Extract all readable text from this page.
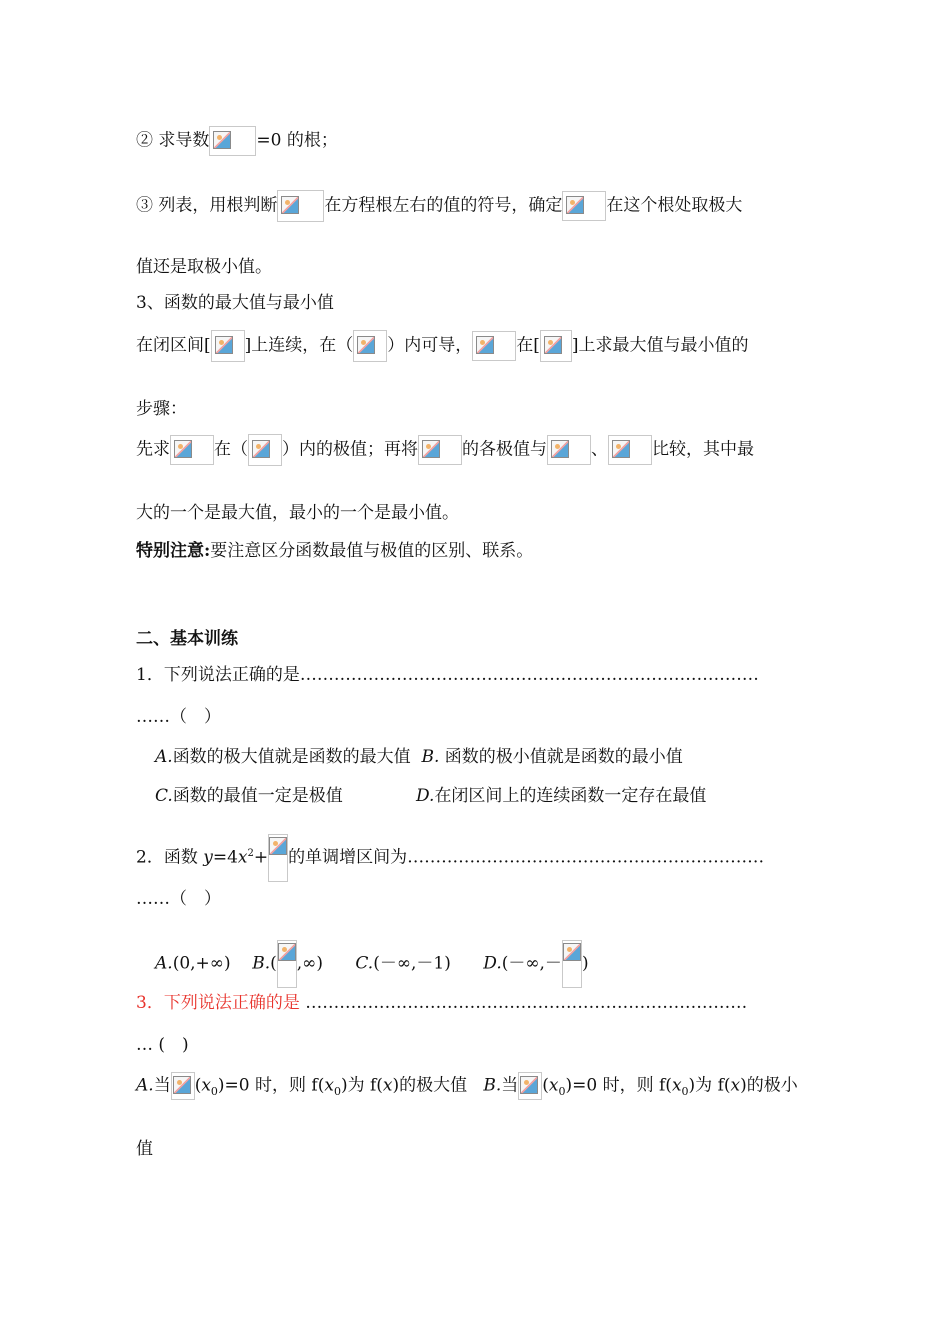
② 求导数	=0 的根；
③ 列表，用根判断	在方程根左右的值的符号，确定	在这个根处取极大
值还是取极小值。
3、函数的最大值与最小值
在闭区间[ ]上连续，在（ ）内可导，	在[ ]上求最大值与最小值的
步骤：
先求	在（ ）内的极值；再将	的各极值与	、	比较，其中最
大的一个是最大值，最小的一个是最小值。
特别注意:要注意区分函数最值与极值的区别、联系。
二、基本训练
1．下列说法正确的是………………………………………………………………………
……（　）
A.函数的极大值就是函数的最大值 B. 函数的极小值就是函数的最小值
C.函数的最值一定是极值	D.在闭区间上的连续函数一定存在最值
2．函数 $y=4x^2+$ 的单调增区间为………………………………………………………
……（　）
A.(0,+∞) B.( ,∞) C.(－∞,－1) D.(－∞,－ )
3．下列说法正确的是 ……………………………………………………………………
… (　)
A.当 $(x_0)=0$ 时，则 $f(x_0)$为 f(x)的极大值 B.当 $(x_0)=0$ 时，则 $f(x_0)$为 f(x)的极小
值
